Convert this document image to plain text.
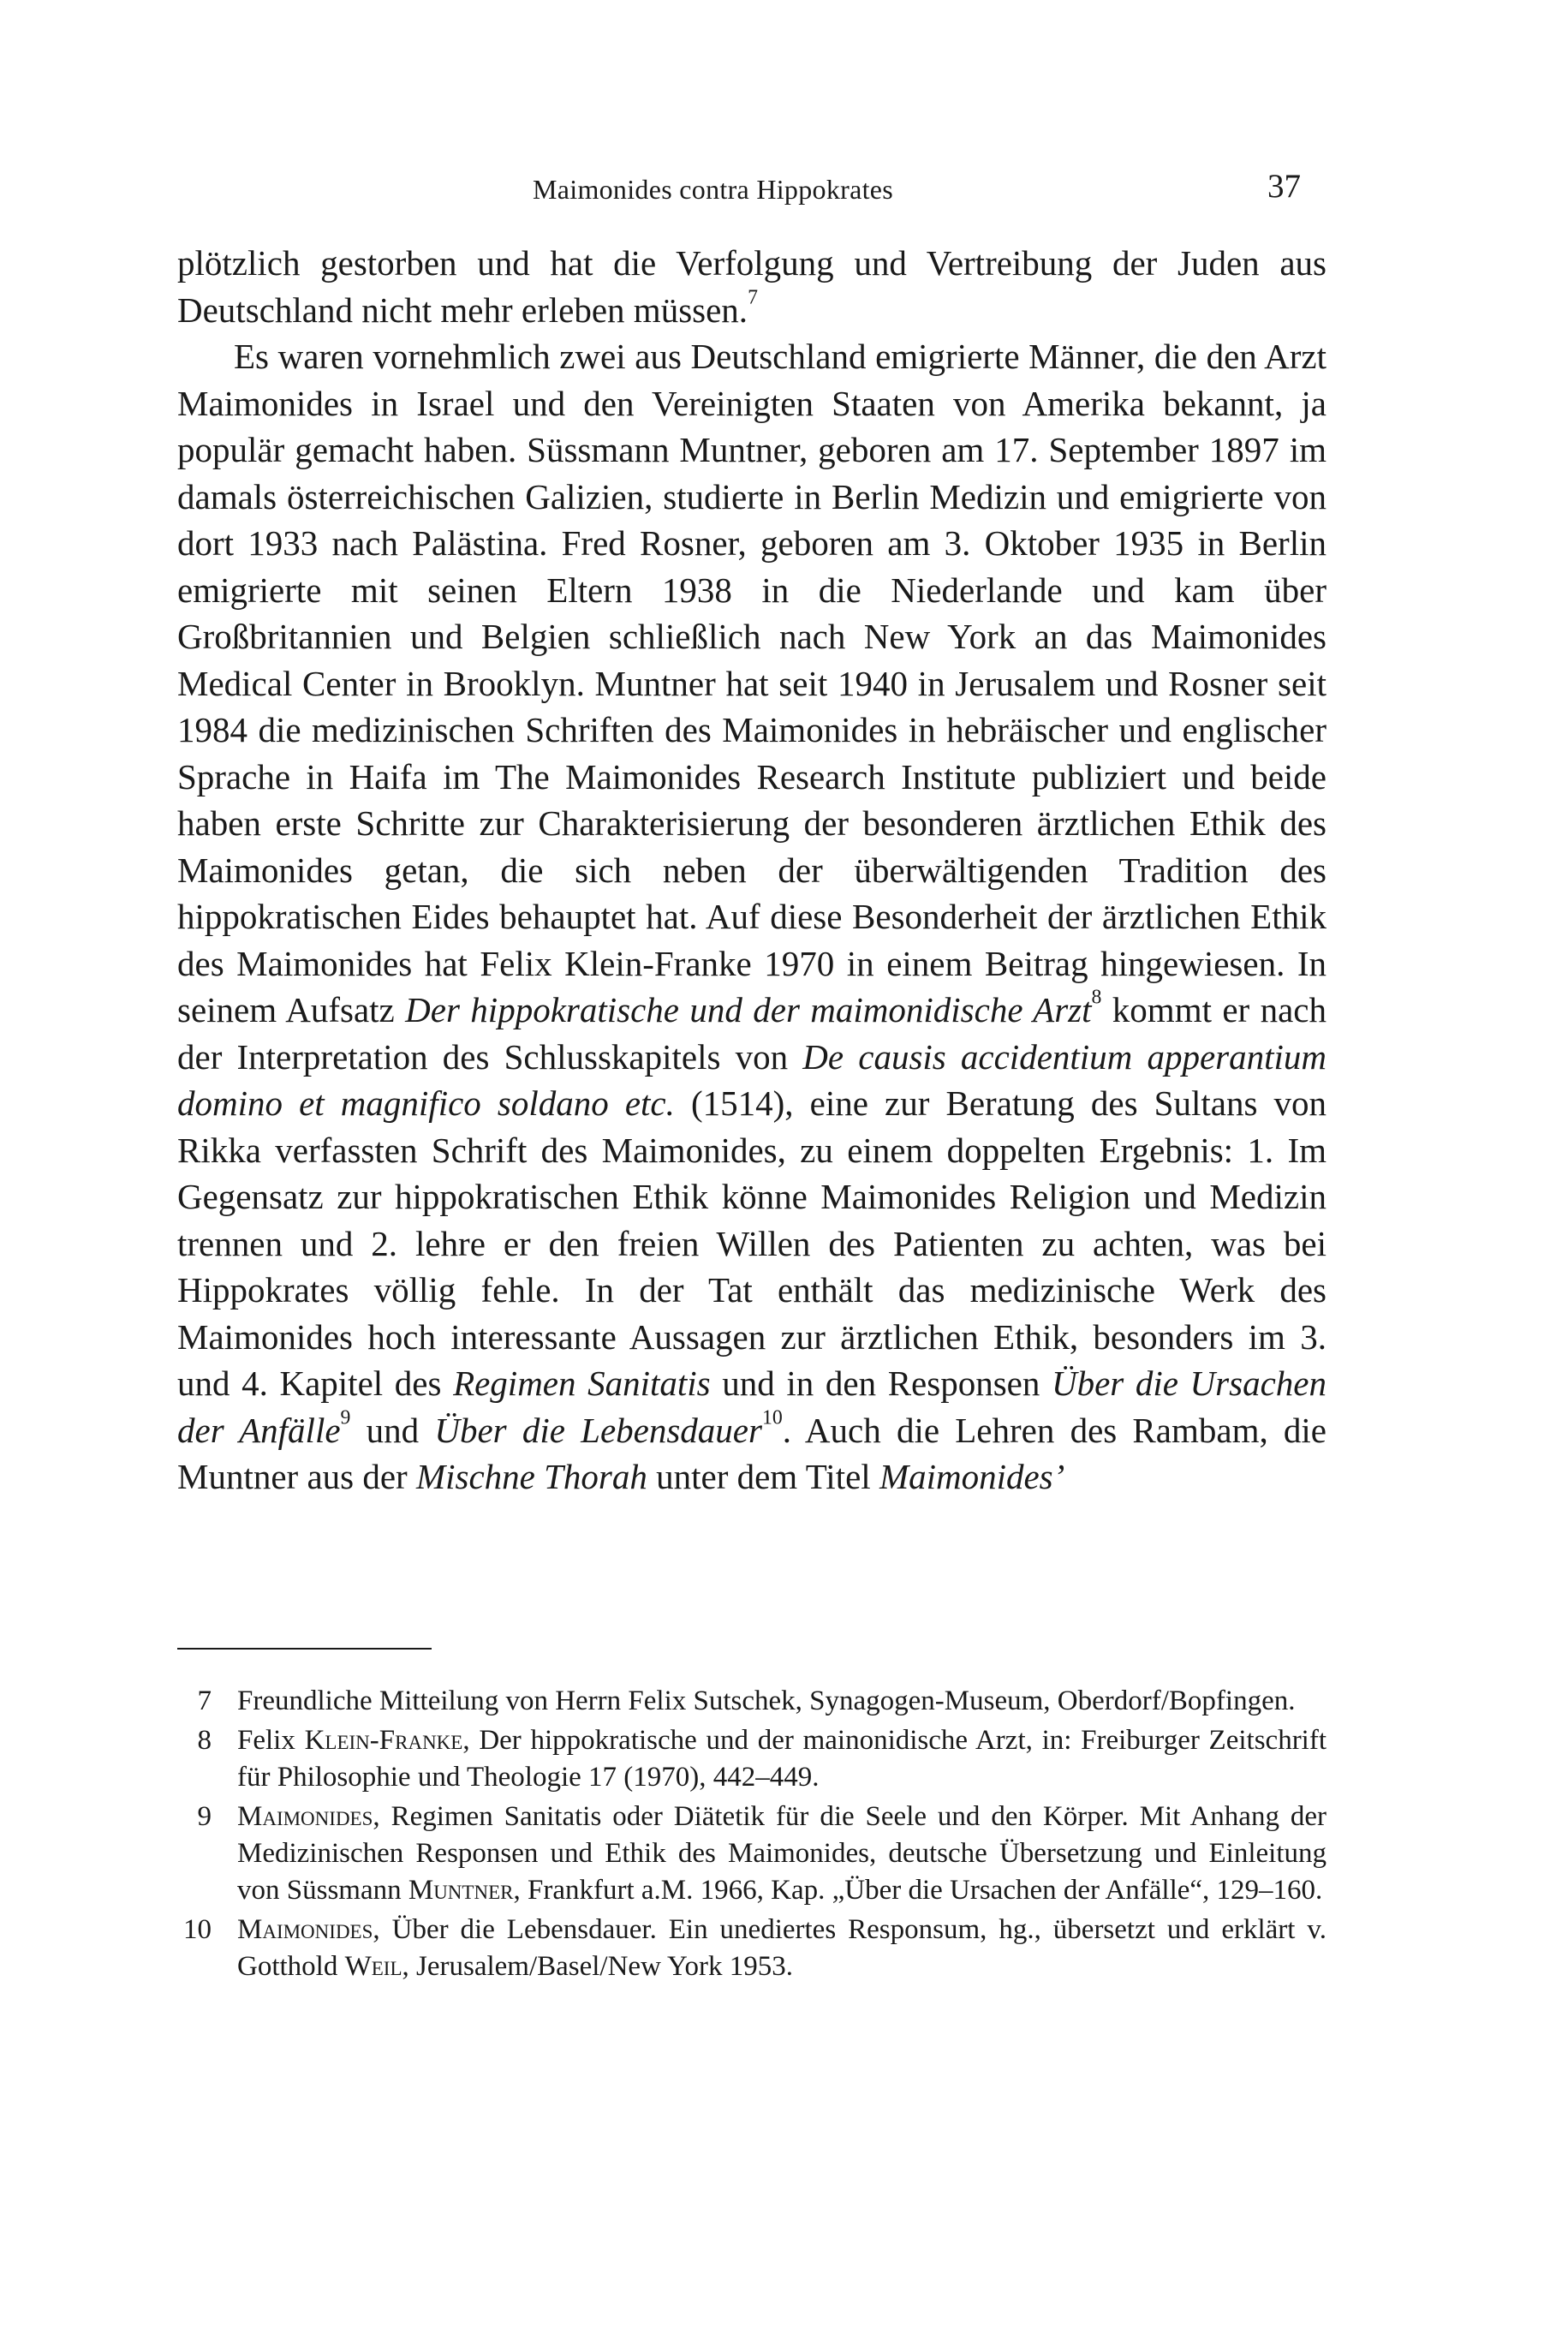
Maimonides contra Hippokrates	37

plötzlich gestorben und hat die Verfolgung und Vertreibung der Juden aus Deutschland nicht mehr erleben müssen.$^7$

Es waren vornehmlich zwei aus Deutschland emigrierte Männer, die den Arzt Maimonides in Israel und den Vereinigten Staaten von Amerika bekannt, ja populär gemacht haben. Süssmann Muntner, geboren am 17. September 1897 im damals österreichischen Galizien, studierte in Berlin Medizin und emigrierte von dort 1933 nach Palästina. Fred Rosner, geboren am 3. Oktober 1935 in Berlin emigrierte mit seinen Eltern 1938 in die Niederlande und kam über Großbritannien und Belgien schließlich nach New York an das Maimonides Medical Center in Brooklyn. Muntner hat seit 1940 in Jerusalem und Rosner seit 1984 die medizinischen Schriften des Maimonides in hebräischer und englischer Sprache in Haifa im The Maimonides Research Institute publiziert und beide haben erste Schritte zur Charakterisierung der besonderen ärztlichen Ethik des Maimonides getan, die sich neben der überwältigenden Tradition des hippokratischen Eides behauptet hat. Auf diese Besonderheit der ärztlichen Ethik des Maimonides hat Felix Klein-Franke 1970 in einem Beitrag hingewiesen. In seinem Aufsatz Der hippokratische und der maimonidische Arzt$^8$ kommt er nach der Interpretation des Schlusskapitels von De causis accidentium apperantium domino et magnifico soldano etc. (1514), eine zur Beratung des Sultans von Rikka verfassten Schrift des Maimonides, zu einem doppelten Ergebnis: 1. Im Gegensatz zur hippokratischen Ethik könne Maimonides Religion und Medizin trennen und 2. lehre er den freien Willen des Patienten zu achten, was bei Hippokrates völlig fehle. In der Tat enthält das medizinische Werk des Maimonides hoch interessante Aussagen zur ärztlichen Ethik, besonders im 3. und 4. Kapitel des Regimen Sanitatis und in den Responsen Über die Ursachen der Anfälle$^9$ und Über die Lebensdauer$^{10}$. Auch die Lehren des Rambam, die Muntner aus der Mischne Thorah unter dem Titel Maimonides’

7 Freundliche Mitteilung von Herrn Felix Sutschek, Synagogen-Museum, Oberdorf/Bopfingen.
8 Felix Klein-Franke, Der hippokratische und der mainonidische Arzt, in: Freiburger Zeitschrift für Philosophie und Theologie 17 (1970), 442–449.
9 Maimonides, Regimen Sanitatis oder Diätetik für die Seele und den Körper. Mit Anhang der Medizinischen Responsen und Ethik des Maimonides, deutsche Übersetzung und Einleitung von Süssmann Muntner, Frankfurt a.M. 1966, Kap. „Über die Ursachen der Anfälle“, 129–160.
10 Maimonides, Über die Lebensdauer. Ein unediertes Responsum, hg., übersetzt und erklärt v. Gotthold Weil, Jerusalem/Basel/New York 1953.
